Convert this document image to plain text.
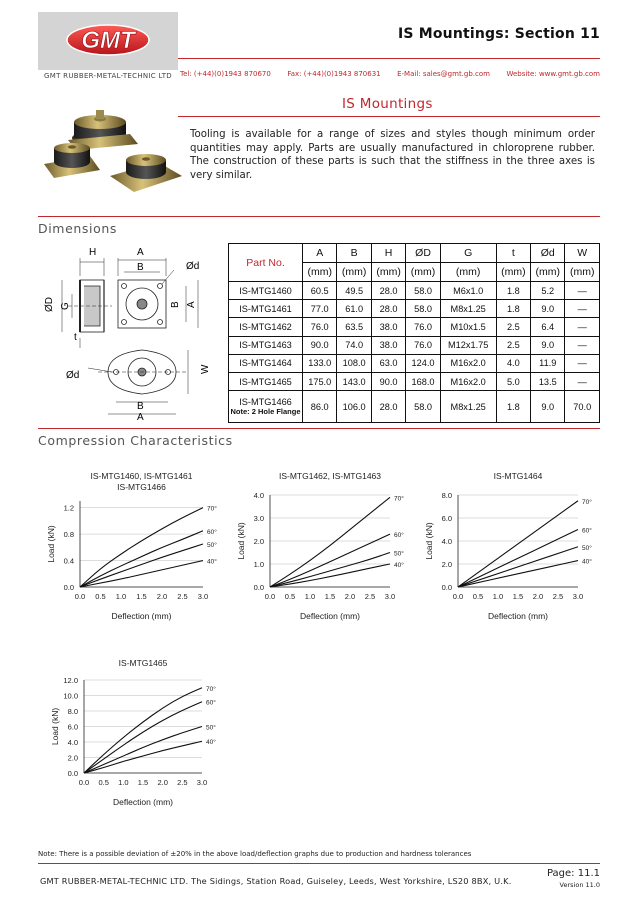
GMT
GMT RUBBER-METAL-TECHNIC LTD
IS Mountings: Section 11
Tel: (+44)(0)1943 870670 Fax: (+44)(0)1943 870631 E-Mail: sales@gmt.gb.com Website: www.gmt.gb.com
IS Mountings
Tooling is available for a range of sizes and styles though minimum order quantities may apply. Parts are usually manufactured in chloroprene rubber. The construction of these parts is such that the stiffness in the three axes is very similar.
Dimensions
H	A
B	Ød
ØD G	B A
t
W
Ød
B
A
Part No.	A	B	H	ØD	G	t	Ød	W
	(mm)	(mm)	(mm)	(mm)	(mm)	(mm)	(mm)	(mm)
IS-MTG1460	60.5	49.5	28.0	58.0	M6x1.0	1.8	5.2	—
IS-MTG1461	77.0	61.0	28.0	58.0	M8x1.25	1.8	9.0	—
IS-MTG1462	76.0	63.5	38.0	76.0	M10x1.5	2.5	6.4	—
IS-MTG1463	90.0	74.0	38.0	76.0	M12x1.75	2.5	9.0	—
IS-MTG1464	133.0	108.0	63.0	124.0	M16x2.0	4.0	11.9	—
IS-MTG1465	175.0	143.0	90.0	168.0	M16x2.0	5.0	13.5	—

IS-MTG1466
Note: 2 Hole Flange	86.0	106.0	28.0	58.0	M8x1.25	1.8	9.0	70.0
Compression Characteristics
IS-MTG1460, IS-MTG1461
IS-MTG1466
0.0
0.4
0.8
1.2
0.0 0.5 1.0 1.5 2.0 2.5 3.0
Deflection (mm)
Load (kN)
70°
60°
50°
40°
IS-MTG1462, IS-MTG1463
0.0
1.0
2.0
3.0
4.0
0.0 0.5 1.0 1.5 2.0 2.5 3.0
Deflection (mm)
Load (kN)
70°
60°
50°
40°
IS-MTG1464
0.0
2.0
4.0
6.0
8.0
0.0 0.5 1.0 1.5 2.0 2.5 3.0
Deflection (mm)
Load (kN)
70°
60°
50°
40°
IS-MTG1465
0.0
2.0
4.0
6.0
8.0
10.0
12.0
0.0 0.5 1.0 1.5 2.0 2.5 3.0
Deflection (mm)
Load (kN)
70°
60°
50°
40°
Note: There is a possible deviation of ±20% in the above load/deflection graphs due to production and hardness tolerances
GMT RUBBER-METAL-TECHNIC LTD. The Sidings, Station Road, Guiseley, Leeds, West Yorkshire, LS20 8BX, U.K.
Page: 11.1
Version 11.0
